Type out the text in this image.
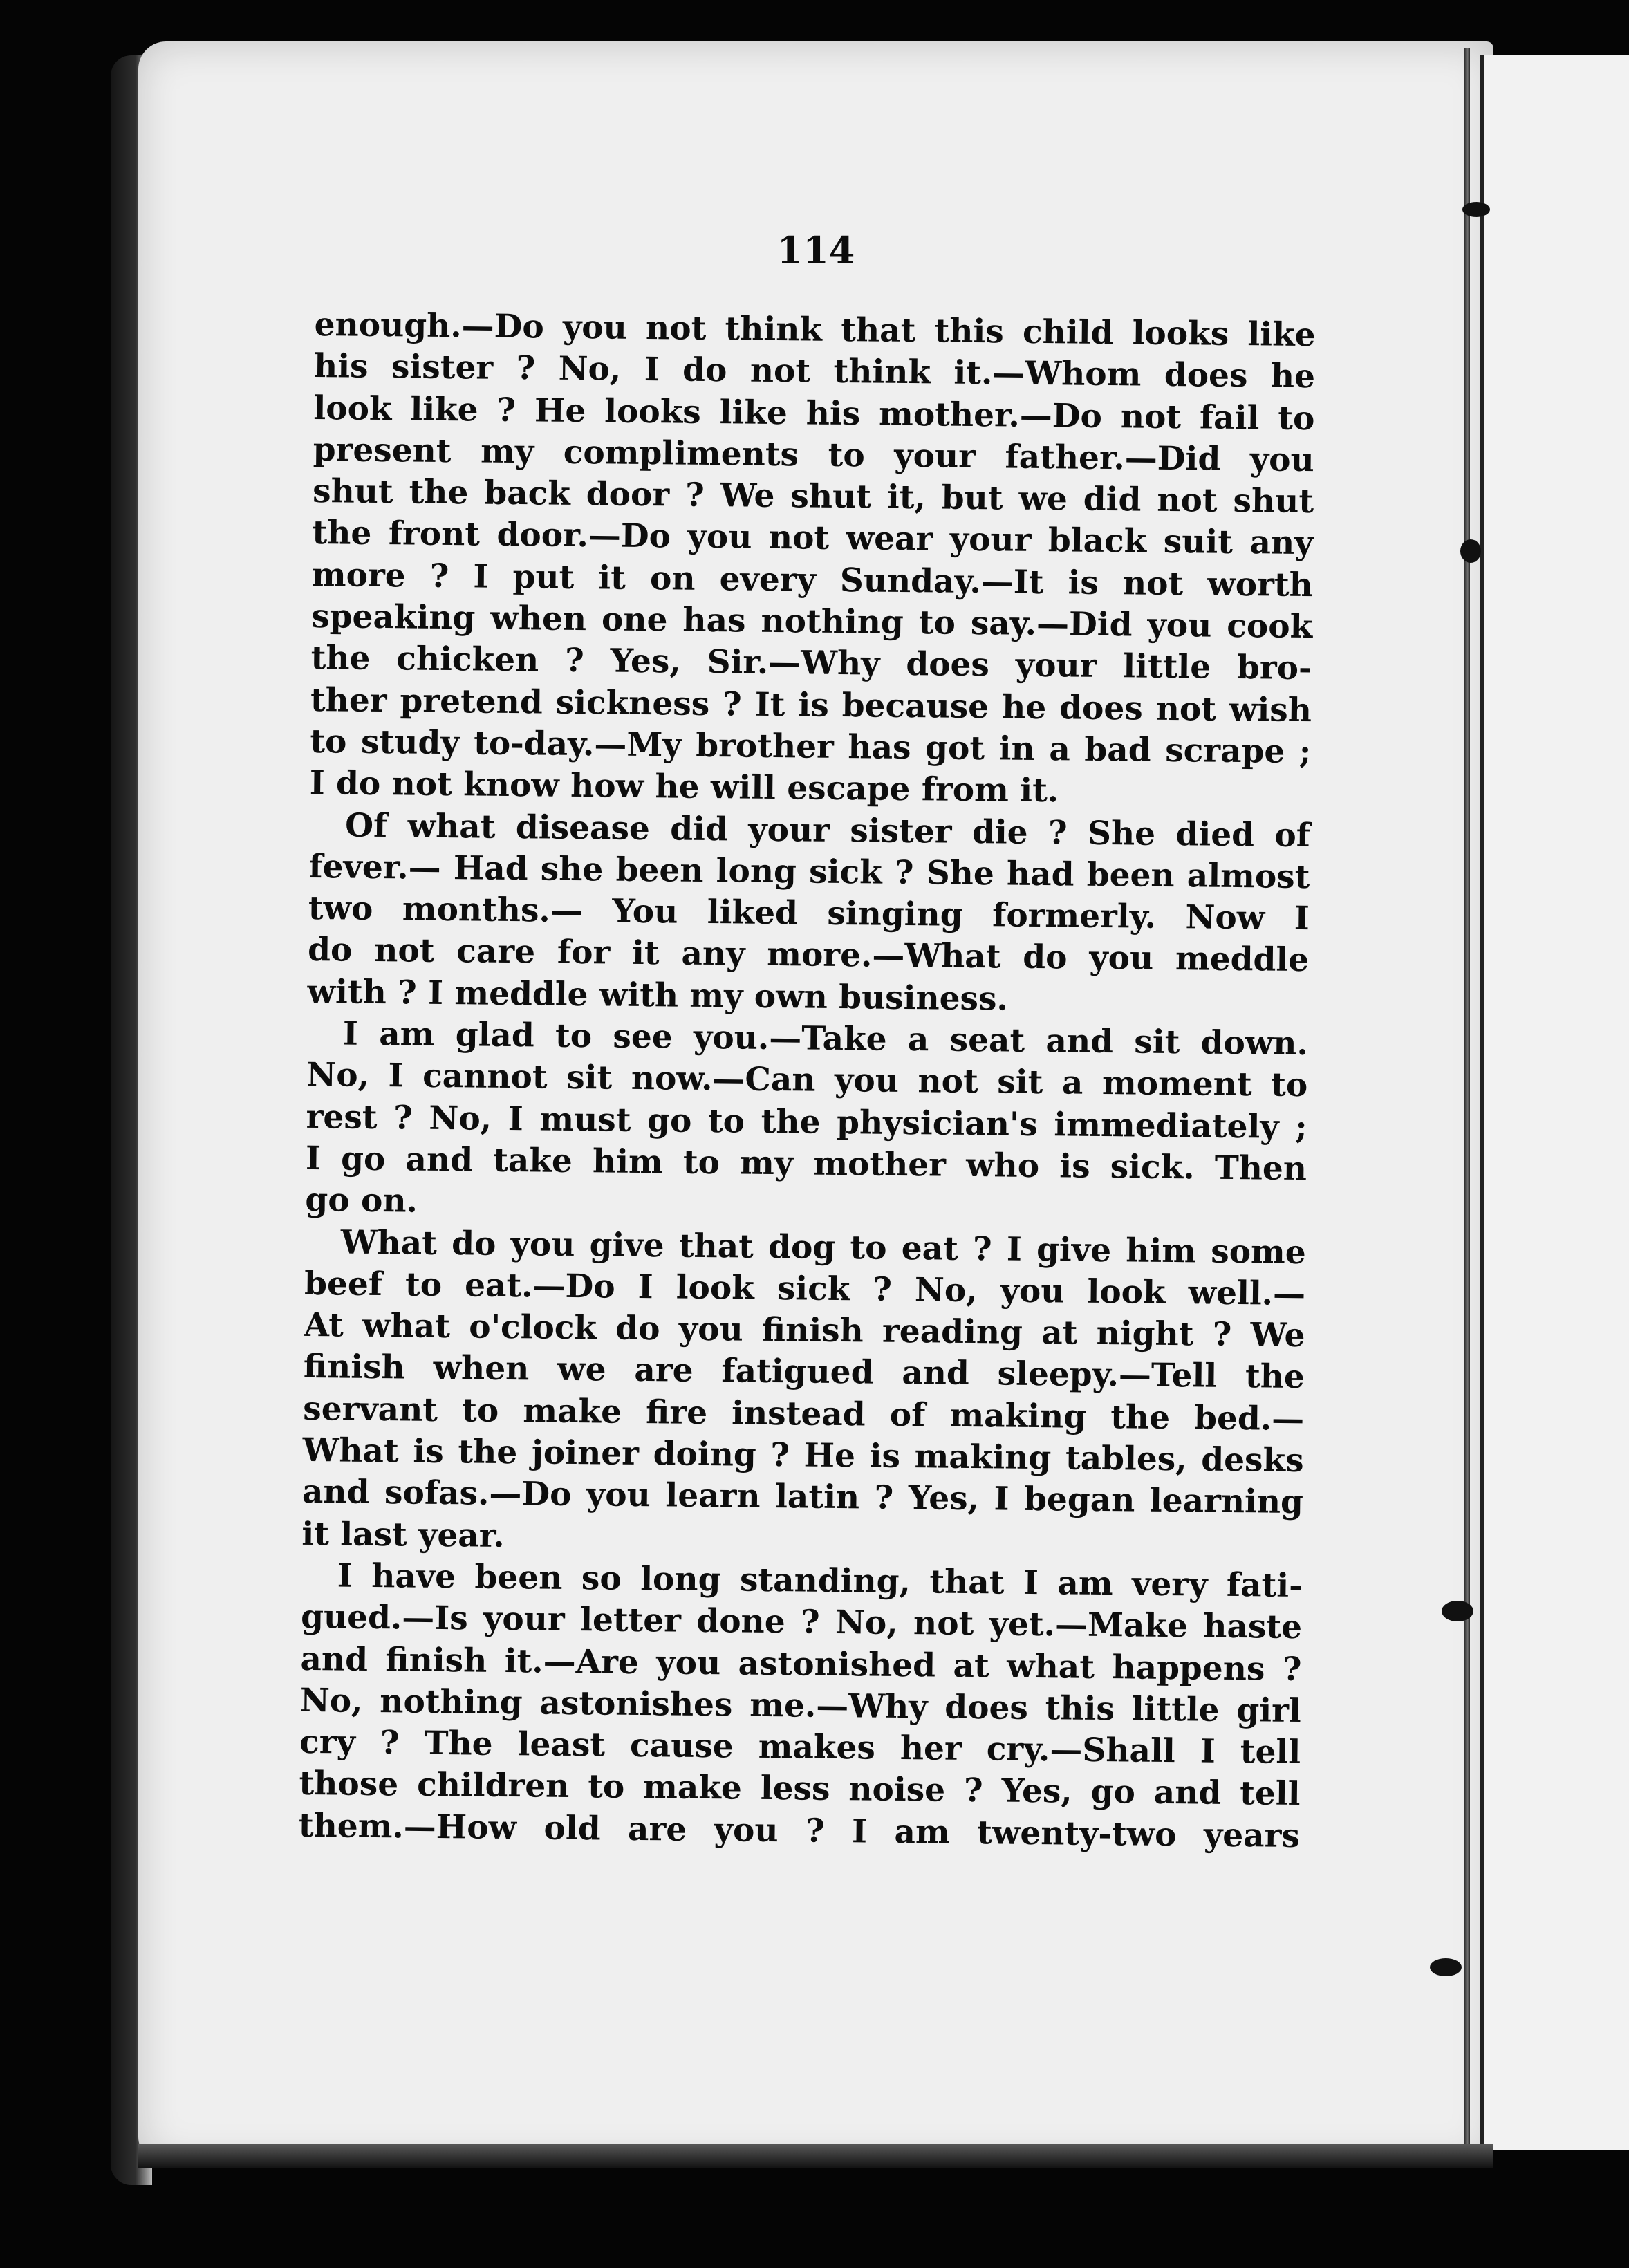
114
enough.—Do you not think that this child looks like
his sister ? No, I do not think it.—Whom does he
look like ? He looks like his mother.—Do not fail to
present my compliments to your father.—Did you
shut the back door ? We shut it, but we did not shut
the front door.—Do you not wear your black suit any
more ? I put it on every Sunday.—It is not worth
speaking when one has nothing to say.—Did you cook
the chicken ? Yes, Sir.—Why does your little bro-
ther pretend sickness ? It is because he does not wish
to study to-day.—My brother has got in a bad scrape ;
I do not know how he will escape from it.
Of what disease did your sister die ? She died of
fever.— Had she been long sick ? She had been almost
two months.— You liked singing formerly. Now I
do not care for it any more.—What do you meddle
with ? I meddle with my own business.
I am glad to see you.—Take a seat and sit down.
No, I cannot sit now.—Can you not sit a moment to
rest ? No, I must go to the physician's immediately ;
I go and take him to my mother who is sick. Then
go on.
What do you give that dog to eat ? I give him some
beef to eat.—Do I look sick ? No, you look well.—
At what o'clock do you finish reading at night ? We
finish when we are fatigued and sleepy.—Tell the
servant to make fire instead of making the bed.—
What is the joiner doing ? He is making tables, desks
and sofas.—Do you learn latin ? Yes, I began learning
it last year.
I have been so long standing, that I am very fati-
gued.—Is your letter done ? No, not yet.—Make haste
and finish it.—Are you astonished at what happens ?
No, nothing astonishes me.—Why does this little girl
cry ? The least cause makes her cry.—Shall I tell
those children to make less noise ? Yes, go and tell
them.—How old are you ? I am twenty-two years
